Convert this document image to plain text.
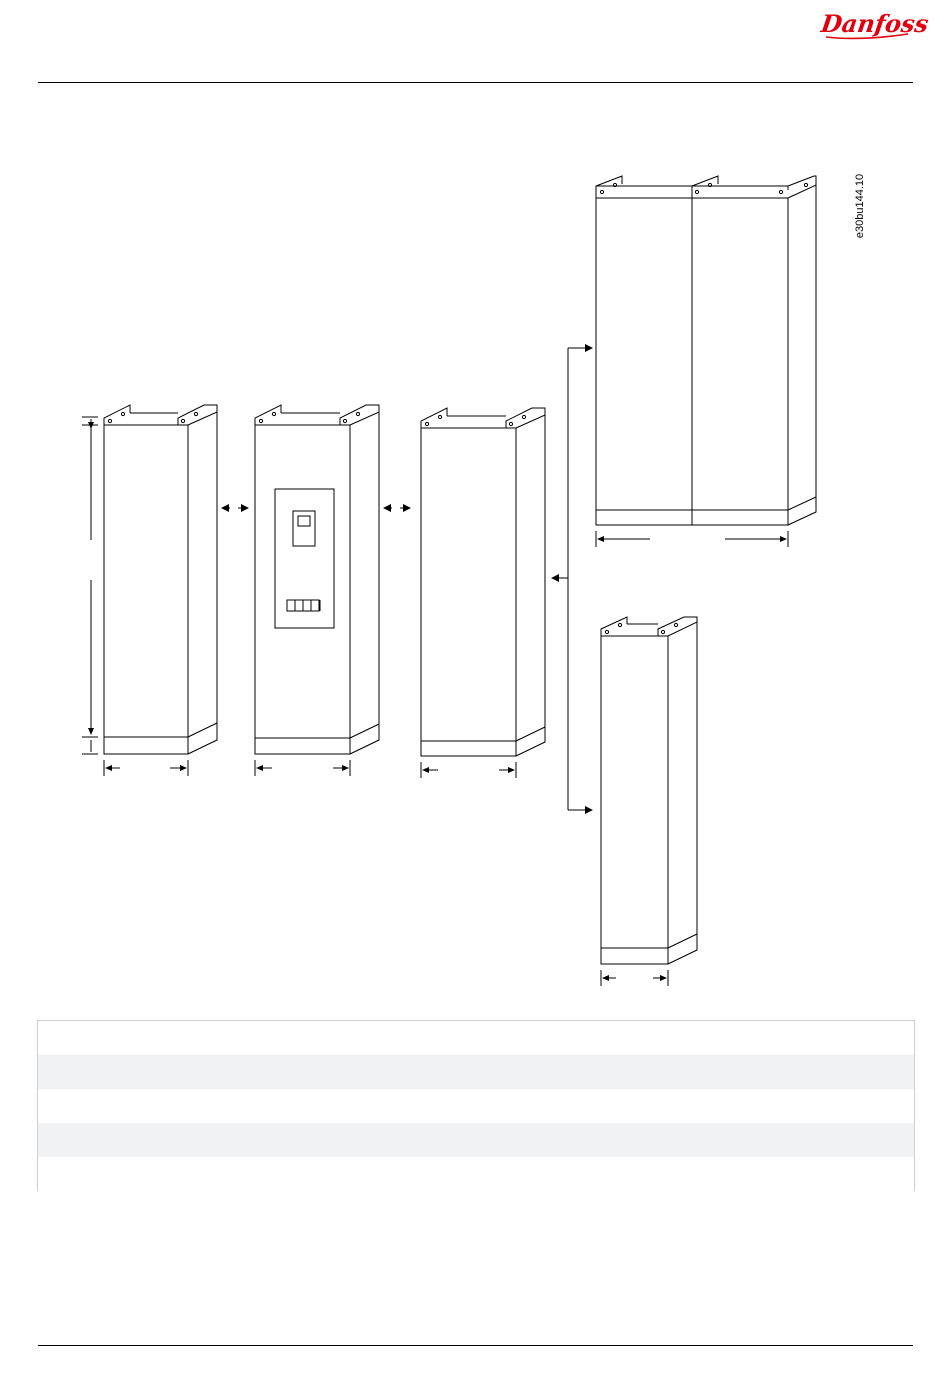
Danfoss
e30bu144.10
